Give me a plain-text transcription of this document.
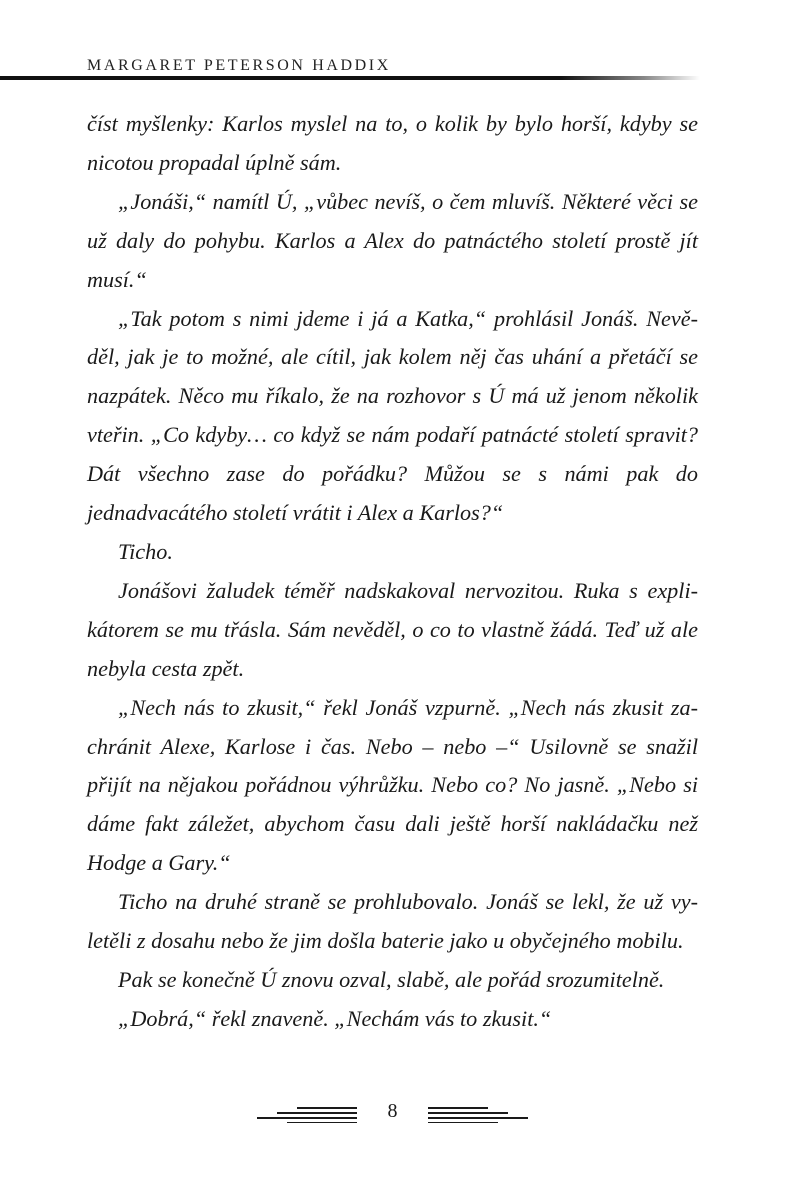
MARGARET PETERSON HADDIX

číst myšlenky: Karlos myslel na to, o kolik by bylo horší, kdyby se nicotou propadal úplně sám.

„Jonáši,“ namítl Ú, „vůbec nevíš, o čem mluvíš. Některé věci se už daly do pohybu. Karlos a Alex do patnáctého století prostě jít musí.“

„Tak potom s nimi jdeme i já a Katka,“ prohlásil Jonáš. Nevěděl, jak je to možné, ale cítil, jak kolem něj čas uhání a přetáčí se nazpátek. Něco mu říkalo, že na rozhovor s Ú má už jenom několik vteřin. „Co kdyby… co když se nám podaří patnácté století spravit? Dát všechno zase do pořádku? Můžou se s námi pak do jednadvacátého století vrátit i Alex a Karlos?“

Ticho.

Jonášovi žaludek téměř nadskakoval nervozitou. Ruka s explikátorem se mu třásla. Sám nevěděl, o co to vlastně žádá. Teď už ale nebyla cesta zpět.

„Nech nás to zkusit,“ řekl Jonáš vzpurně. „Nech nás zkusit zachránit Alexe, Karlose i čas. Nebo – nebo –“ Usilovně se snažil přijít na nějakou pořádnou výhrůžku. Nebo co? No jasně. „Nebo si dáme fakt záležet, abychom času dali ještě horší nakládačku než Hodge a Gary.“

Ticho na druhé straně se prohlubovalo. Jonáš se lekl, že už vyletěli z dosahu nebo že jim došla baterie jako u obyčejného mobilu.

Pak se konečně Ú znovu ozval, slabě, ale pořád srozumitelně.

„Dobrá,“ řekl znaveně. „Nechám vás to zkusit.“

8
